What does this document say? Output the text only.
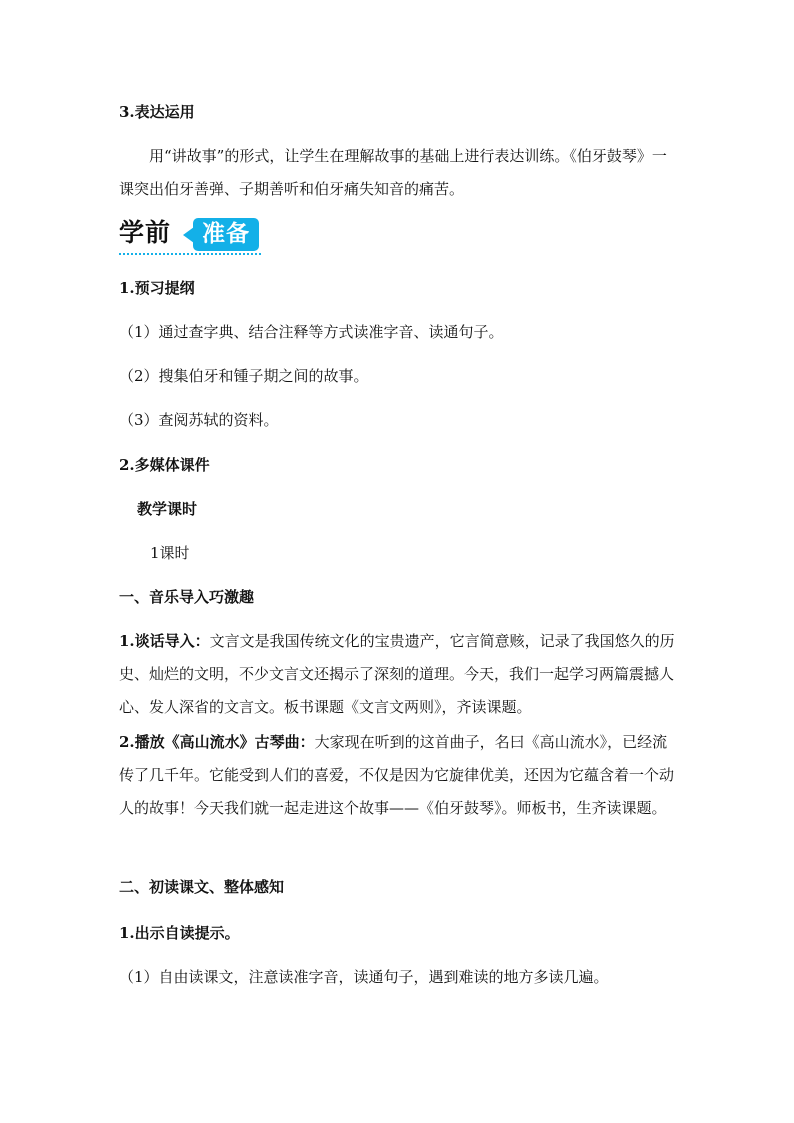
3.表达运用
用“讲故事”的形式，让学生在理解故事的基础上进行表达训练。《伯牙鼓琴》一课突出伯牙善弹、子期善听和伯牙痛失知音的痛苦。
学前	准备
1.预习提纲
（1）通过查字典、结合注释等方式读准字音、读通句子。
（2）搜集伯牙和锺子期之间的故事。
（3）查阅苏轼的资料。
2.多媒体课件
教学课时
1课时
一、音乐导入巧激趣
1.谈话导入：文言文是我国传统文化的宝贵遗产，它言简意赅，记录了我国悠久的历史、灿烂的文明，不少文言文还揭示了深刻的道理。今天，我们一起学习两篇震撼人心、发人深省的文言文。板书课题《文言文两则》，齐读课题。
2.播放《高山流水》古琴曲：大家现在听到的这首曲子，名曰《高山流水》，已经流传了几千年。它能受到人们的喜爱，不仅是因为它旋律优美，还因为它蕴含着一个动人的故事！今天我们就一起走进这个故事——《伯牙鼓琴》。师板书，生齐读课题。
二、初读课文、整体感知
1.出示自读提示。
（1）自由读课文，注意读准字音，读通句子，遇到难读的地方多读几遍。
